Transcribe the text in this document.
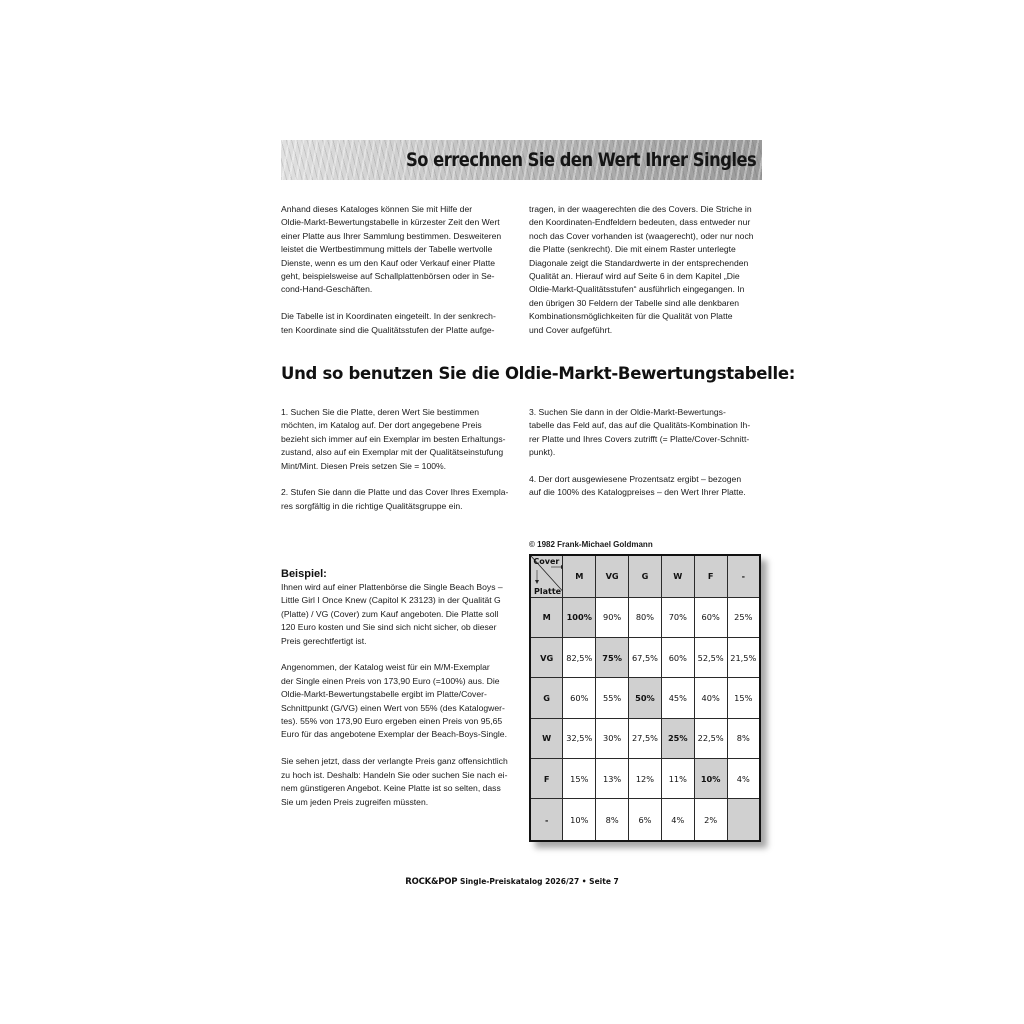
So errechnen Sie den Wert Ihrer Singles

Anhand dieses Kataloges können Sie mit Hilfe der
Oldie-Markt-Bewertungstabelle in kürzester Zeit den Wert
einer Platte aus Ihrer Sammlung bestimmen. Desweiteren
leistet die Wertbestimmung mittels der Tabelle wertvolle
Dienste, wenn es um den Kauf oder Verkauf einer Platte
geht, beispielsweise auf Schallplattenbörsen oder in Se-
cond-Hand-Geschäften.

Die Tabelle ist in Koordinaten eingeteilt. In der senkrech-
ten Koordinate sind die Qualitätsstufen der Platte aufge-

tragen, in der waagerechten die des Covers. Die Striche in
den Koordinaten-Endfeldern bedeuten, dass entweder nur
noch das Cover vorhanden ist (waagerecht), oder nur noch
die Platte (senkrecht). Die mit einem Raster unterlegte
Diagonale zeigt die Standardwerte in der entsprechenden
Qualität an. Hierauf wird auf Seite 6 in dem Kapitel „Die
Oldie-Markt-Qualitätsstufen“ ausführlich eingegangen. In
den übrigen 30 Feldern der Tabelle sind alle denkbaren
Kombinationsmöglichkeiten für die Qualität von Platte
und Cover aufgeführt.

Und so benutzen Sie die Oldie-Markt-Bewertungstabelle:

1. Suchen Sie die Platte, deren Wert Sie bestimmen
möchten, im Katalog auf. Der dort angegebene Preis
bezieht sich immer auf ein Exemplar im besten Erhaltungs-
zustand, also auf ein Exemplar mit der Qualitätseinstufung
Mint/Mint. Diesen Preis setzen Sie = 100%.

2. Stufen Sie dann die Platte und das Cover Ihres Exempla-
res sorgfältig in die richtige Qualitätsgruppe ein.

3. Suchen Sie dann in der Oldie-Markt-Bewertungs-
tabelle das Feld auf, das auf die Qualitäts-Kombination Ih-
rer Platte und Ihres Covers zutrifft (= Platte/Cover-Schnitt-
punkt).

4. Der dort ausgewiesene Prozentsatz ergibt – bezogen
auf die 100% des Katalogpreises – den Wert Ihrer Platte.

© 1982 Frank-Michael Goldmann
Beispiel:

Ihnen wird auf einer Plattenbörse die Single Beach Boys –
Little Girl I Once Knew (Capitol K 23123) in der Qualität G
(Platte) / VG (Cover) zum Kauf angeboten. Die Platte soll
120 Euro kosten und Sie sind sich nicht sicher, ob dieser
Preis gerechtfertigt ist.

Angenommen, der Katalog weist für ein M/M-Exemplar
der Single einen Preis von 173,90 Euro (=100%) aus. Die
Oldie-Markt-Bewertungstabelle ergibt im Platte/Cover-
Schnittpunkt (G/VG) einen Wert von 55% (des Katalogwer-
tes). 55% von 173,90 Euro ergeben einen Preis von 95,65
Euro für das angebotene Exemplar der Beach-Boys-Single.

Sie sehen jetzt, dass der verlangte Preis ganz offensichtlich
zu hoch ist. Deshalb: Handeln Sie oder suchen Sie nach ei-
nem günstigeren Angebot. Keine Platte ist so selten, dass
Sie um jeden Preis zugreifen müssten.

Cover
Platte	M	VG	G	W	F	-
M	100%	90%	80%	70%	60%	25%
VG	82,5%	75%	67,5%	60%	52,5%	21,5%
G	60%	55%	50%	45%	40%	15%
W	32,5%	30%	27,5%	25%	22,5%	8%
F	15%	13%	12%	11%	10%	4%
-	10%	8%	6%	4%	2%	
ROCK&POP Single-Preiskatalog 2026/27 • Seite 7
